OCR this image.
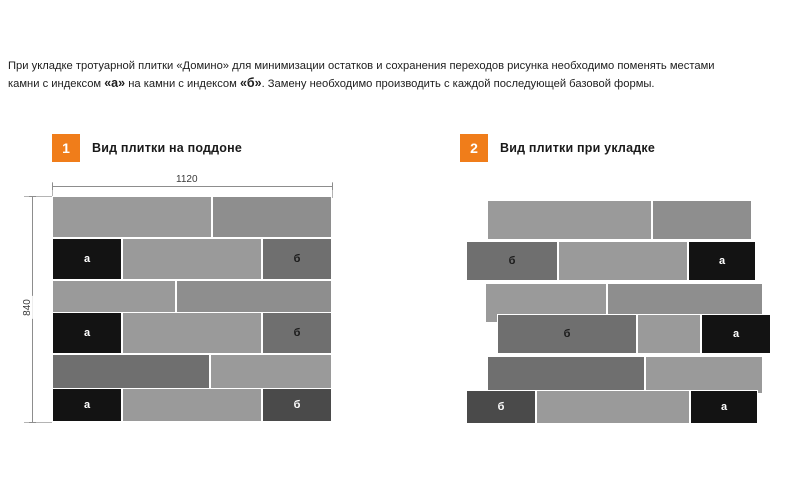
При укладке тротуарной плитки «Домино» для минимизации остатков и сохранения переходов рисунка необходимо поменять местами
камни с индексом «а» на камни с индексом «б». Замену необходимо производить с каждой последующей базовой формы.
1	Вид плитки на поддоне	2	Вид плитки при укладке
1120
840
а	б
а	б
а	б
б	а
б	а
б	а
